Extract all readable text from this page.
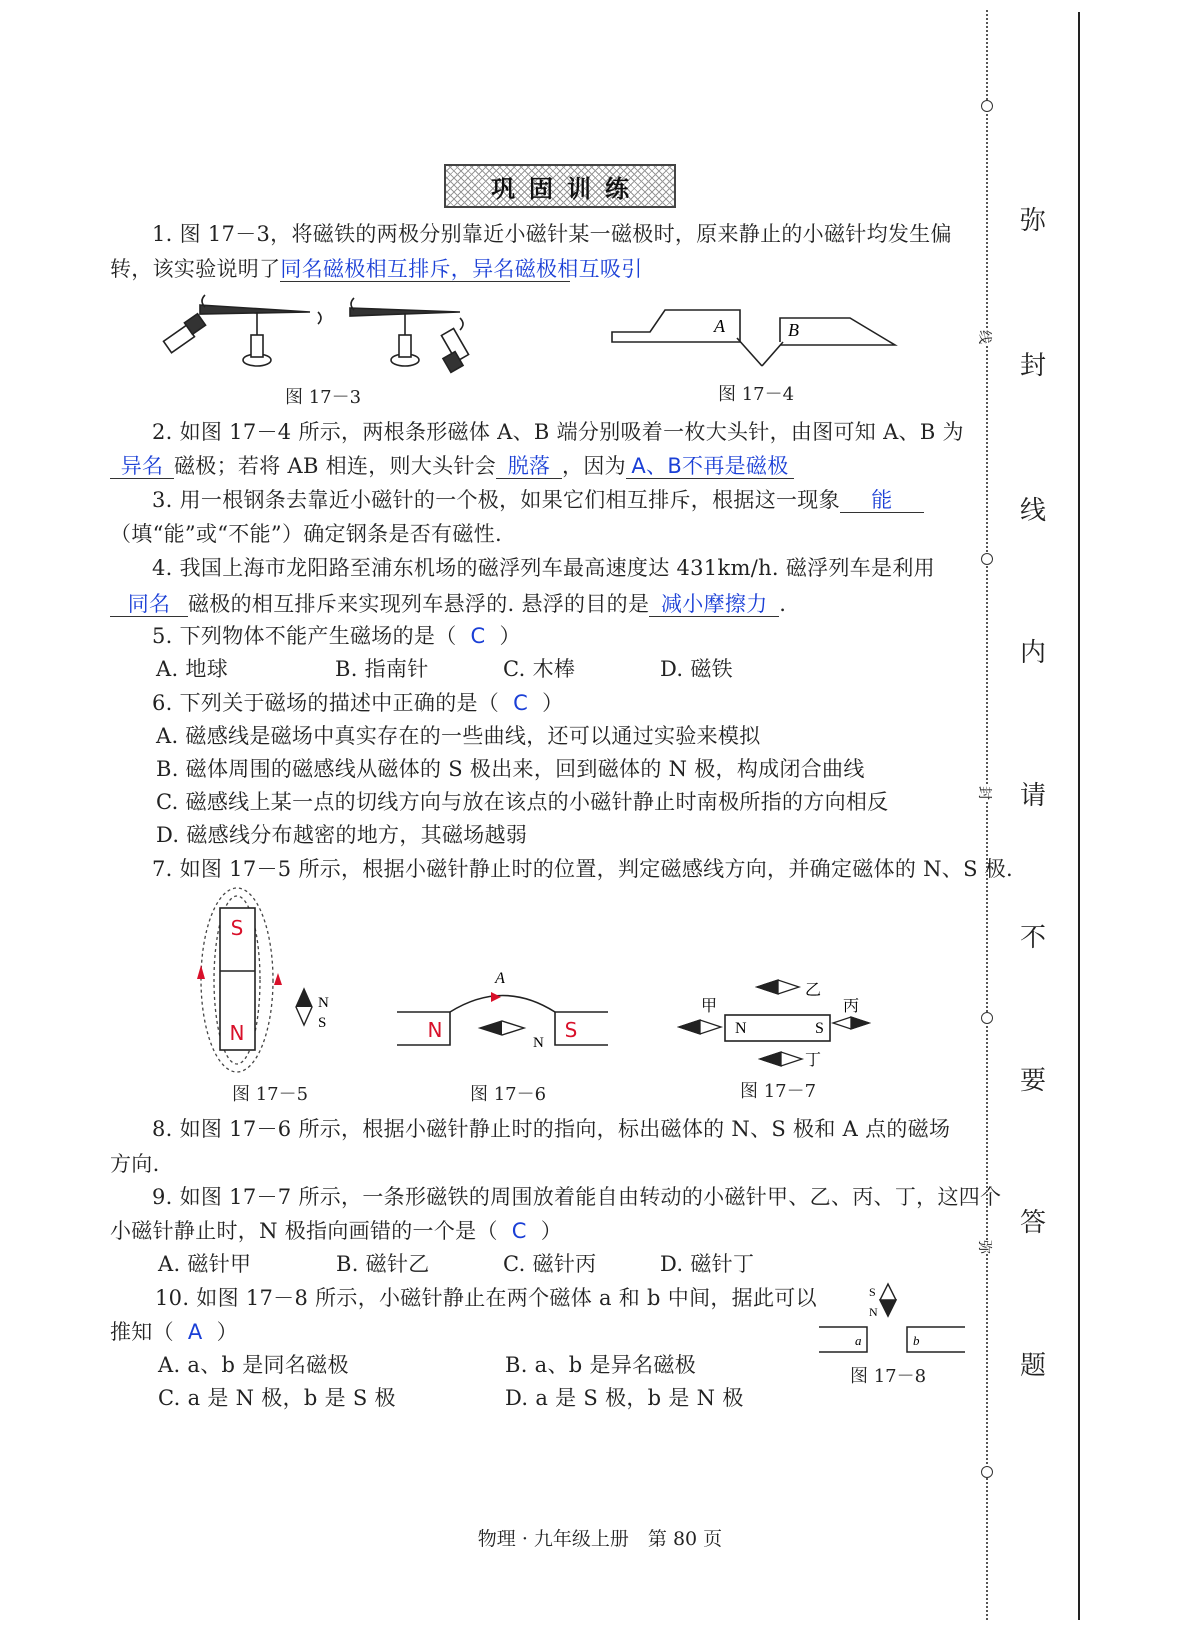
巩固训练
1. 图 17－3，将磁铁的两极分别靠近小磁针某一磁极时，原来静止的小磁针均发生偏
转，该实验说明了同名磁极相互排斥，异名磁极相互吸引
图 17－3
A	B
图 17－4
2. 如图 17－4 所示，两根条形磁体 A、B 端分别吸着一枚大头针，由图可知 A、B 为
异名 磁极；若将 AB 相连，则大头针会 脱落 ，因为 A、B不再是磁极
3. 用一根钢条去靠近小磁针的一个极，如果它们相互排斥，根据这一现象 能
（填“能”或“不能”）确定钢条是否有磁性.
4. 我国上海市龙阳路至浦东机场的磁浮列车最高速度达 431km/h. 磁浮列车是利用
同名 磁极的相互排斥来实现列车悬浮的. 悬浮的目的是 减小摩擦力 .
5. 下列物体不能产生磁场的是（ C ）
A. 地球	B. 指南针	C. 木棒	D. 磁铁
6. 下列关于磁场的描述中正确的是（ C ）
A. 磁感线是磁场中真实存在的一些曲线，还可以通过实验来模拟
B. 磁体周围的磁感线从磁体的 S 极出来，回到磁体的 N 极，构成闭合曲线
C. 磁感线上某一点的切线方向与放在该点的小磁针静止时南极所指的方向相反
D. 磁感线分布越密的地方，其磁场越弱
7. 如图 17－5 所示，根据小磁针静止时的位置，判定磁感线方向，并确定磁体的 N、S 极.
S
N
N
S
图 17－5
A
N	S
N
图 17－6
N	S
甲
乙
丙
丁
图 17－7
8. 如图 17－6 所示，根据小磁针静止时的指向，标出磁体的 N、S 极和 A 点的磁场
方向.
9. 如图 17－7 所示，一条形磁铁的周围放着能自由转动的小磁针甲、乙、丙、丁，这四个
小磁针静止时，N 极指向画错的一个是（ C ）
A. 磁针甲	B. 磁针乙	C. 磁针丙	D. 磁针丁
10. 如图 17－8 所示，小磁针静止在两个磁体 a 和 b 中间，据此可以
推知（ A ）
A. a、b 是同名磁极	B. a、b 是异名磁极
C. a 是 N 极，b 是 S 极	D. a 是 S 极，b 是 N 极
S
N
a	b
图 17－8
物理 · 九年级上册　第 80 页
线
封
弥
弥
封
线
内
请
不
要
答
题
